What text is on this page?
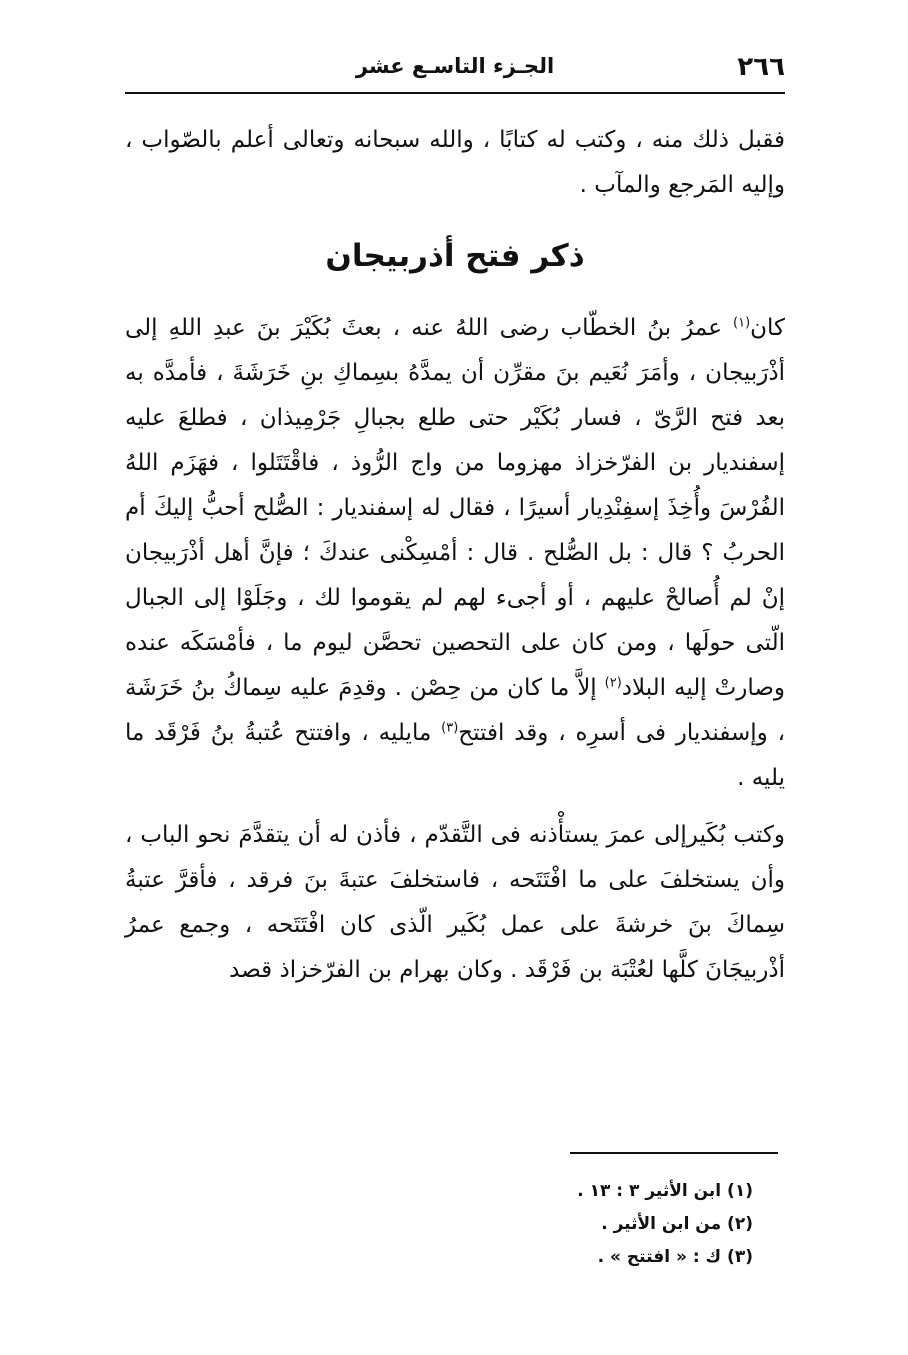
٢٦٦
الجـزء التاسـع عشر

فقبل ذلك منه ، وكتب له كتابًا ، والله سبحانه وتعالى أعلم بالصّواب ، وإليه المَرجع والمآب .

ذكر فتح أذربيجان

كان$^{(١)}$ عمرُ بنُ الخطّاب رضى اللهُ عنه ، بعثَ بُكَيْرَ بنَ عبدِ اللهِ إلى أذْرَبيجان ، وأمَرَ نُعَيم بنَ مقرِّن أن يمدَّهُ بسِماكِ بنِ خَرَشَةَ ، فأمدَّه به بعد فتح الرَّىّ ، فسار بُكَيْر حتى طلع بجبالِ جَرْمِيذان ، فطلعَ عليه إسفنديار بن الفرّخزاذ مهزوما من واج الرُّوذ ، فاقْتَتَلوا ، فهَزَم اللهُ الفُرْسَ وأُخِذَ إسفِنْدِيار أسيرًا ، فقال له إسفنديار : الصُّلح أحبُّ إليكَ أم الحربُ ؟ قال : بل الصُّلح . قال : أمْسِكْنى عندكَ ؛ فإنَّ أهل أذْرَبيجان إنْ لم أُصالحْ عليهم ، أو أجىء لهم لم يقوموا لك ، وجَلَوْا إلى الجبال الّتى حولَها ، ومن كان على التحصين تحصَّن ليوم ما ، فأمْسَكَه عنده وصارتْ إليه البلاد$^{(٢)}$ إلاَّ ما كان من حِصْن . وقدِمَ عليه سِماكُ بنُ خَرَشَة ، وإسفنديار فى أسرِه ، وقد افتتح$^{(٣)}$ مايليه ، وافتتح عُتبةُ بنُ فَرْقَد ما يليه .

وكتب بُكَيرإلى عمرَ يستأْذنه فى التَّقدّم ، فأذن له أن يتقدَّمَ نحو الباب ، وأن يستخلفَ على ما افْتَتَحه ، فاستخلفَ عتبةَ بنَ فرقد ، فأقرَّ عتبةُ سِماكَ بنَ خرشةَ على عمل بُكَير الّذى كان افْتَتَحه ، وجمع عمرُ أذْربيجَانَ كلَّها لعُتْبَة بن فَرْقَد . وكان بهرام بن الفرّخزاذ قصد

(١) ابن الأثير ٣ : ١٣ .

(٢) من ابن الأثير .

(٣) ك : « افتتح » .
